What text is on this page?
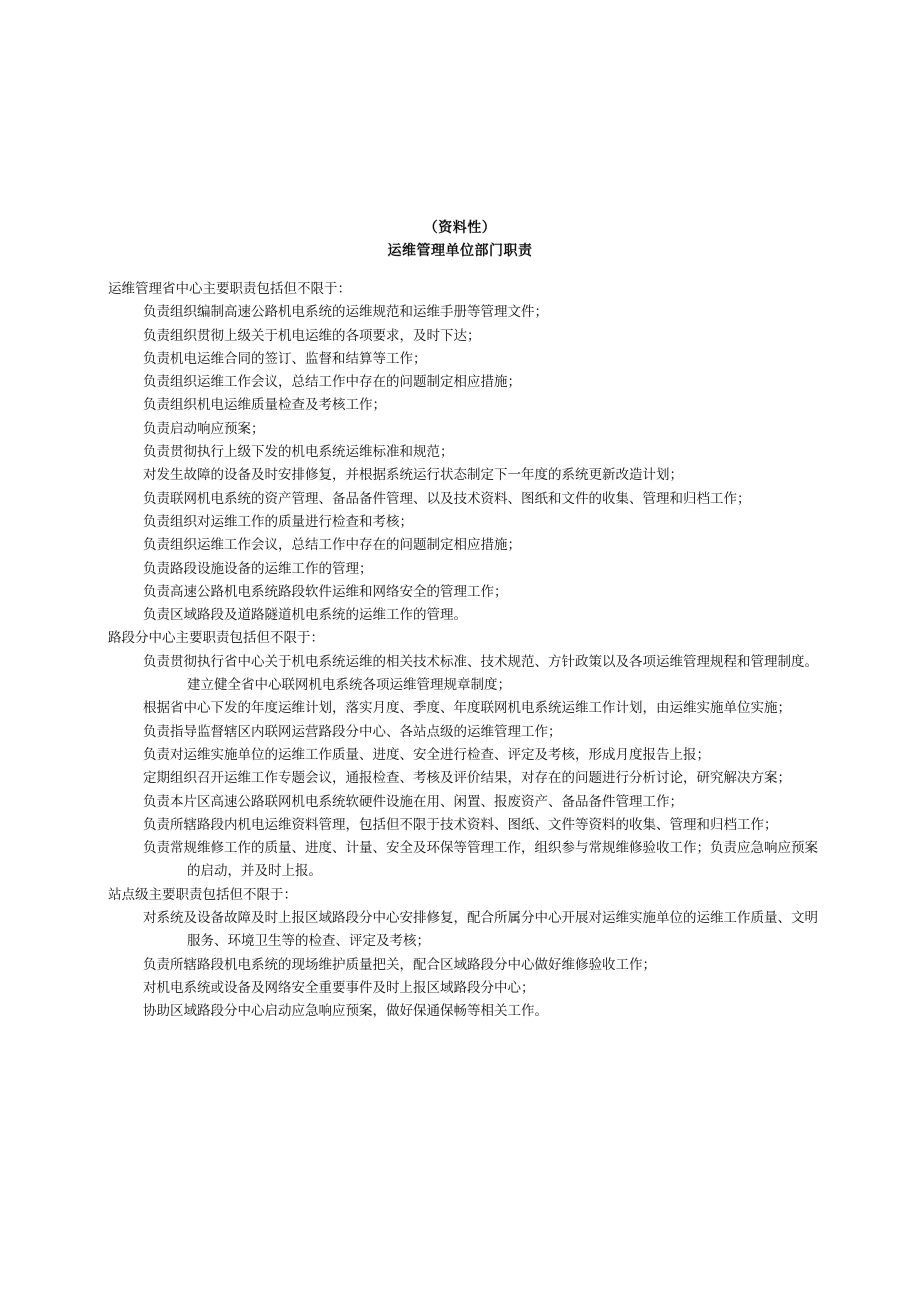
（资料性）
运维管理单位部门职责

运维管理省中心主要职责包括但不限于：

负责组织编制高速公路机电系统的运维规范和运维手册等管理文件；
负责组织贯彻上级关于机电运维的各项要求，及时下达；
负责机电运维合同的签订、监督和结算等工作；
负责组织运维工作会议，总结工作中存在的问题制定相应措施；
负责组织机电运维质量检查及考核工作；
负责启动响应预案；
负责贯彻执行上级下发的机电系统运维标准和规范；
对发生故障的设备及时安排修复，并根据系统运行状态制定下一年度的系统更新改造计划；
负责联网机电系统的资产管理、备品备件管理、以及技术资料、图纸和文件的收集、管理和归档工作；
负责组织对运维工作的质量进行检查和考核；
负责组织运维工作会议，总结工作中存在的问题制定相应措施；
负责路段设施设备的运维工作的管理；
负责高速公路机电系统路段软件运维和网络安全的管理工作；
负责区域路段及道路隧道机电系统的运维工作的管理。

路段分中心主要职责包括但不限于：

负责贯彻执行省中心关于机电系统运维的相关技术标准、技术规范、方针政策以及各项运维管理规程和管理制度。建立健全省中心联网机电系统各项运维管理规章制度；
根据省中心下发的年度运维计划，落实月度、季度、年度联网机电系统运维工作计划，由运维实施单位实施；
负责指导监督辖区内联网运营路段分中心、各站点级的运维管理工作；
负责对运维实施单位的运维工作质量、进度、安全进行检查、评定及考核，形成月度报告上报；
定期组织召开运维工作专题会议，通报检查、考核及评价结果，对存在的问题进行分析讨论，研究解决方案；
负责本片区高速公路联网机电系统软硬件设施在用、闲置、报废资产、备品备件管理工作；
负责所辖路段内机电运维资料管理，包括但不限于技术资料、图纸、文件等资料的收集、管理和归档工作；
负责常规维修工作的质量、进度、计量、安全及环保等管理工作，组织参与常规维修验收工作；负责应急响应预案的启动，并及时上报。

站点级主要职责包括但不限于：

对系统及设备故障及时上报区域路段分中心安排修复，配合所属分中心开展对运维实施单位的运维工作质量、文明服务、环境卫生等的检查、评定及考核；
负责所辖路段机电系统的现场维护质量把关，配合区域路段分中心做好维修验收工作；
对机电系统或设备及网络安全重要事件及时上报区域路段分中心；
协助区域路段分中心启动应急响应预案，做好保通保畅等相关工作。
